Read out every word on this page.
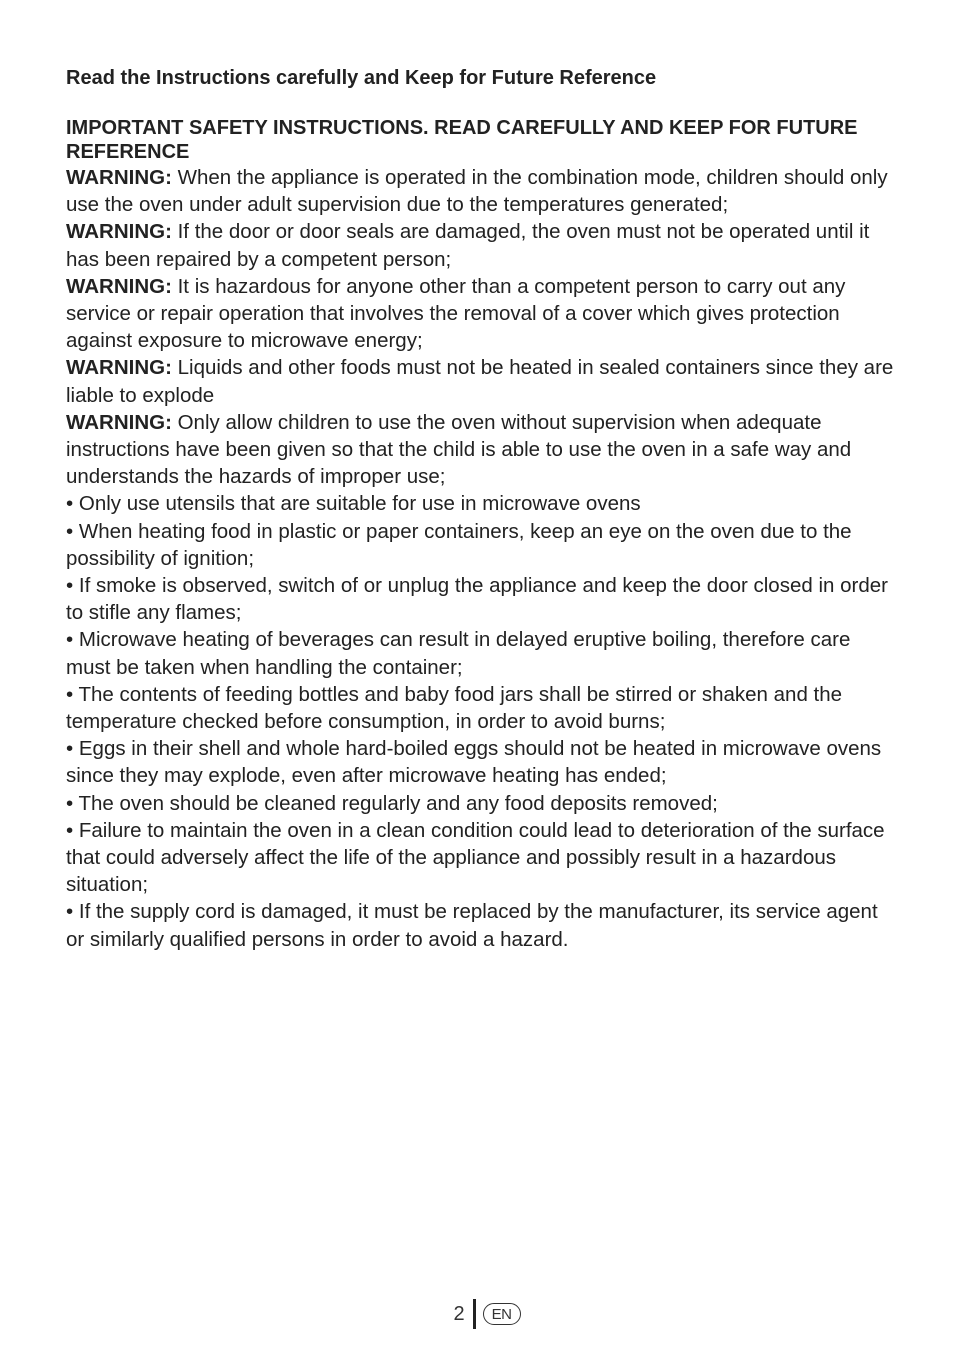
Read the Instructions carefully and Keep for Future Reference

IMPORTANT SAFETY INSTRUCTIONS. READ CAREFULLY AND KEEP FOR FUTURE REFERENCE

WARNING: When the appliance is operated in the combination mode, children should only use the oven under adult supervision due to the temperatures generated;

WARNING: If the door or door seals are damaged, the oven must not be operated until it has been repaired by a competent person;

WARNING: It is hazardous for anyone other than a competent person to carry out any service or repair operation that involves the removal of a cover which gives protection against exposure to microwave energy;

WARNING: Liquids and other foods must not be heated in sealed containers since they are liable to explode

WARNING: Only allow children to use the oven without supervision when adequate instructions have been given so that the child is able to use the oven in a safe way and understands the hazards of improper use;

• Only use utensils that are suitable for use in microwave ovens

• When heating food in plastic or paper containers, keep an eye on the oven due to the possibility of ignition;

• If smoke is observed, switch of or unplug the appliance and keep the door closed in order to stifle any flames;

• Microwave heating of beverages can result in delayed eruptive boiling, therefore care must be taken when handling the container;

• The contents of feeding bottles and baby food jars shall be stirred or shaken and the temperature checked before consumption, in order to avoid burns;

• Eggs in their shell and whole hard-boiled eggs should not be heated in microwave ovens since they may explode, even after microwave heating has ended;

• The oven should be cleaned regularly and any food deposits removed;

• Failure to maintain the oven in a clean condition could lead to deterioration of the surface that could adversely affect the life of the appliance and possibly result in a hazardous situation;

• If the supply cord is damaged, it must be replaced by the manufacturer, its service agent or similarly qualified persons in order to avoid a hazard.

2	EN
